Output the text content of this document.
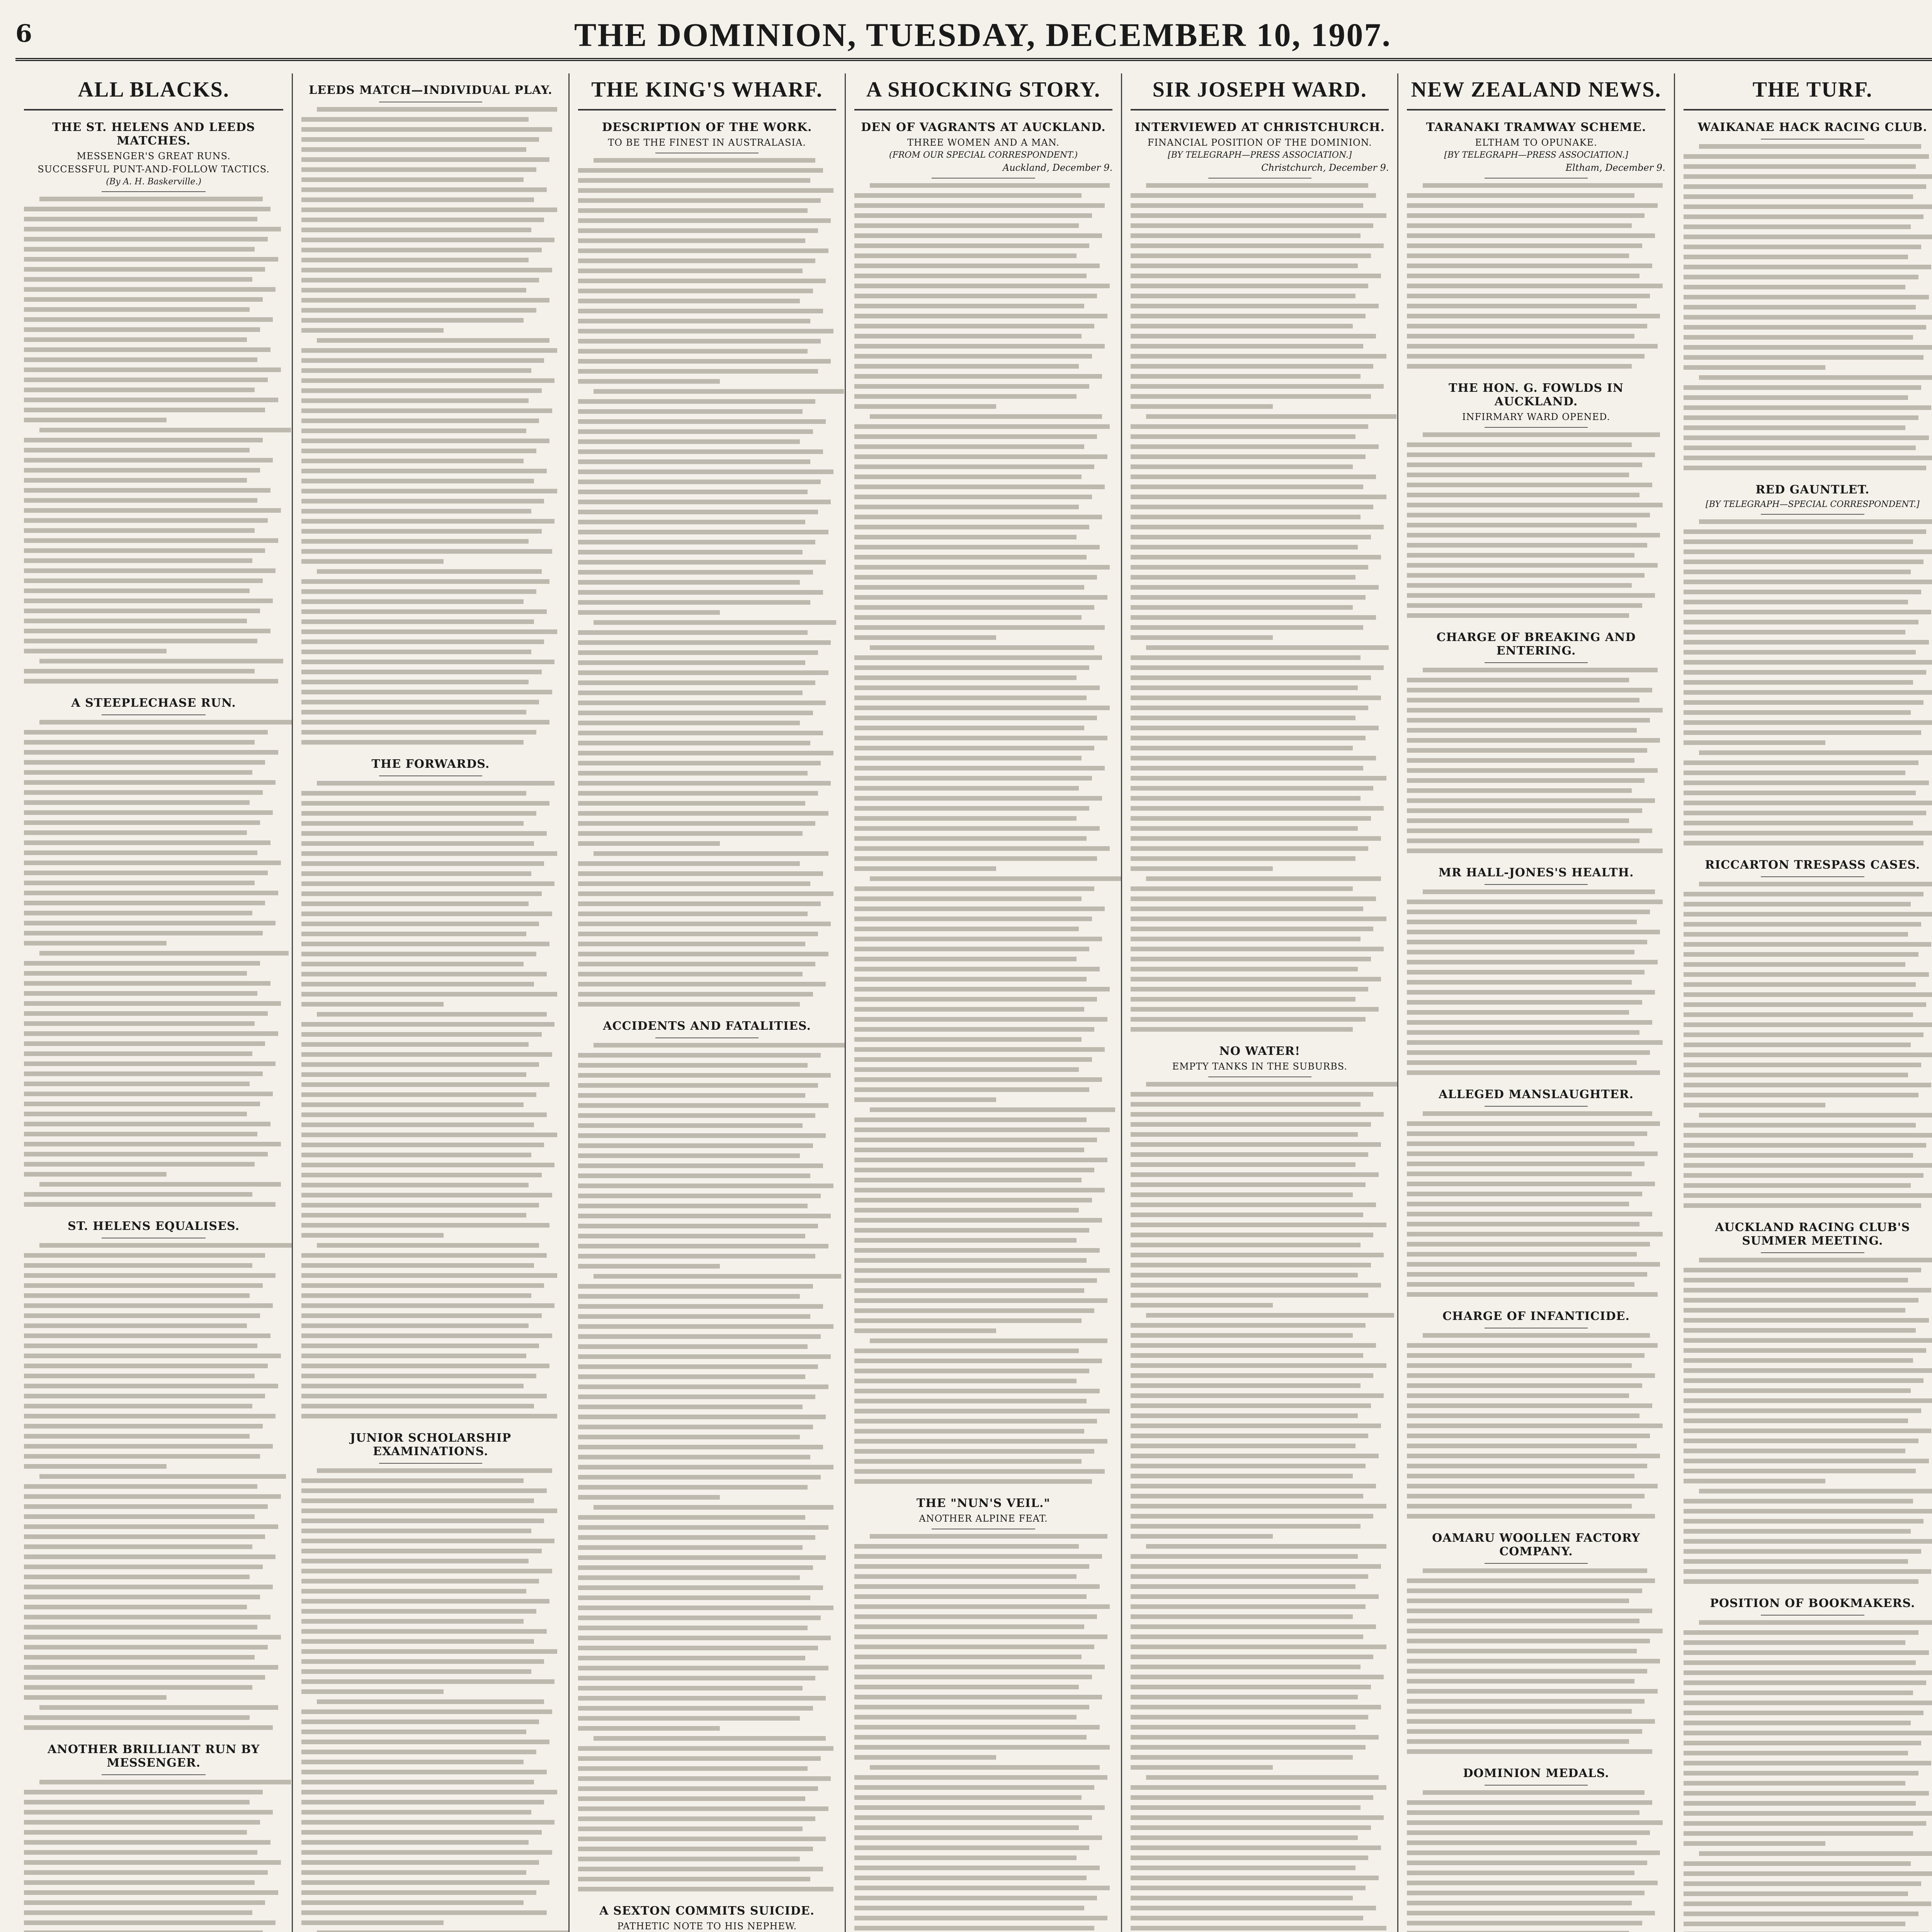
6	THE DOMINION, TUESDAY, DECEMBER 10, 1907.
ALL BLACKS.
THE ST. HELENS AND LEEDS MATCHES.
MESSENGER'S GREAT RUNS.
SUCCESSFUL PUNT-AND-FOLLOW TACTICS.
(By A. H. Baskerville.)
A STEEPLECHASE RUN.
ST. HELENS EQUALISES.
ANOTHER BRILLIANT RUN BY MESSENGER.
LEEDS MATCH—INDIVIDUAL PLAY.
THE FORWARDS.
JUNIOR SCHOLARSHIP EXAMINATIONS.
THE KING'S WHARF.
DESCRIPTION OF THE WORK.
TO BE THE FINEST IN AUSTRALASIA.
ACCIDENTS AND FATALITIES.
A SEXTON COMMITS SUICIDE.
PATHETIC NOTE TO HIS NEPHEW.
A SHOCKING STORY.
DEN OF VAGRANTS AT AUCKLAND.
THREE WOMEN AND A MAN.
(FROM OUR SPECIAL CORRESPONDENT.)
Auckland, December 9.
THE "NUN'S VEIL."
ANOTHER ALPINE FEAT.
SIR JOSEPH WARD.
INTERVIEWED AT CHRISTCHURCH.
FINANCIAL POSITION OF THE DOMINION.
[BY TELEGRAPH—PRESS ASSOCIATION.]
Christchurch, December 9.
NO WATER!
EMPTY TANKS IN THE SUBURBS.
NEW ZEALAND NEWS.
TARANAKI TRAMWAY SCHEME.
ELTHAM TO OPUNAKE.
[BY TELEGRAPH—PRESS ASSOCIATION.]
Eltham, December 9.
THE HON. G. FOWLDS IN AUCKLAND.
INFIRMARY WARD OPENED.
CHARGE OF BREAKING AND ENTERING.
MR HALL-JONES'S HEALTH.
ALLEGED MANSLAUGHTER.
CHARGE OF INFANTICIDE.
OAMARU WOOLLEN FACTORY COMPANY.
DOMINION MEDALS.
THE TURF.
WAIKANAE HACK RACING CLUB.
RED GAUNTLET.
[BY TELEGRAPH—SPECIAL CORRESPONDENT.]
RICCARTON TRESPASS CASES.
AUCKLAND RACING CLUB'S SUMMER MEETING.
POSITION OF BOOKMAKERS.
